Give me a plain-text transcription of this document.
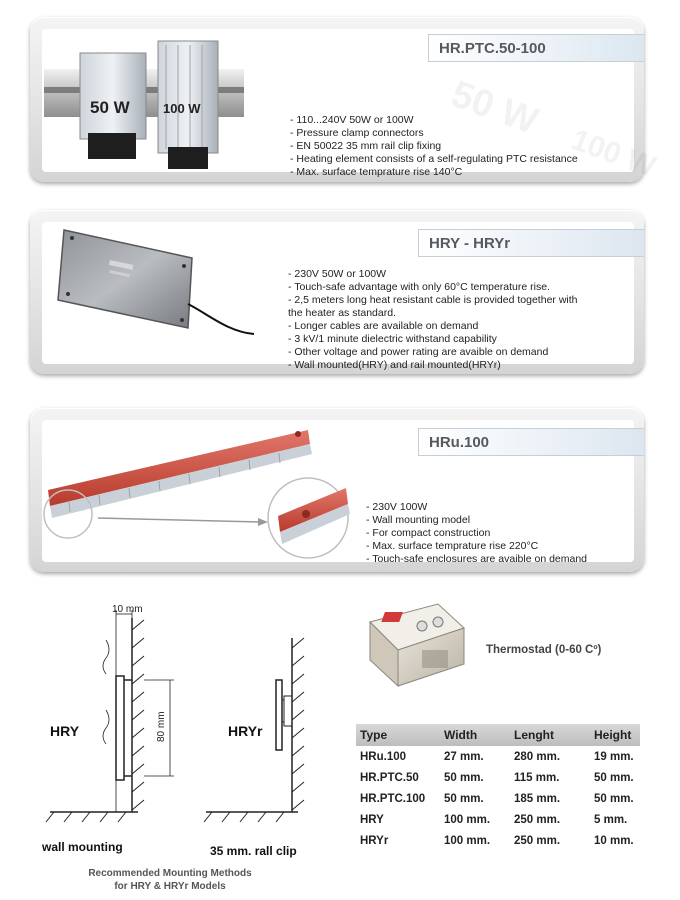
50 W
100 W
HR.PTC.50-100
50 W	100 W
- 110...240V 50W or 100W
- Pressure clamp connectors
- EN 50022 35 mm rail clip fixing
- Heating element consists of a self-regulating PTC resistance
- Max. surface temprature rise 140°C
HRY - HRYr
- 230V 50W or 100W
- Touch-safe advantage with only 60°C temperature rise.
- 2,5 meters long heat resistant cable is provided together with
the heater as standard.
- Longer cables are available on demand
- 3 kV/1 minute dielectric withstand capability
- Other voltage and power rating are avaible on demand
- Wall mounted(HRY) and rail mounted(HRYr)
HRu.100
- 230V 100W
- Wall mounting model
- For compact construction
- Max. surface temprature rise 220°C
- Touch-safe enclosures are avaible on demand
10 mm
80 mm
HRY	HRYr
wall mounting	35 mm. rall clip
Recommended Mounting Methods
for HRY & HRYr Models
Thermostad (0-60 Cº)
Type	Width	Lenght	Height
HRu.100	27 mm.	280 mm.	19 mm.
HR.PTC.50	50 mm.	115 mm.	50 mm.
HR.PTC.100	50 mm.	185 mm.	50 mm.
HRY	100 mm.	250 mm.	5 mm.
HRYr	100 mm.	250 mm.	10 mm.
